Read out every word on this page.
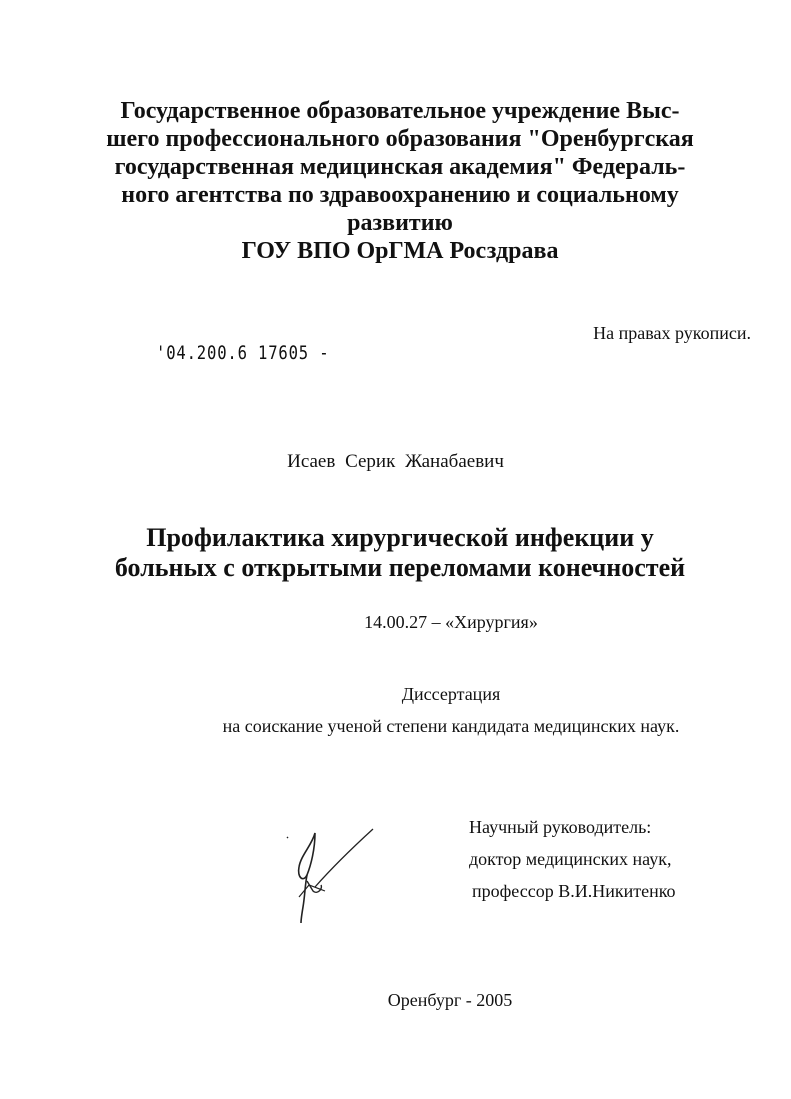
Государственное образовательное учреждение Выс-
шего профессионального образования "Оренбургская
государственная медицинская академия" Федераль-
ного агентства по здравоохранению и социальному
развитию
ГОУ ВПО ОрГМА Росздрава
На правах рукописи.
'04.200.6 17605 -
Исаев Серик Жанабаевич
Профилактика хирургической инфекции у
больных с открытыми переломами конечностей
14.00.27 – «Хирургия»
Диссертация
на соискание ученой степени кандидата медицинских наук.
Научный руководитель:
доктор медицинских наук,
профессор В.И.Никитенко
Оренбург - 2005
